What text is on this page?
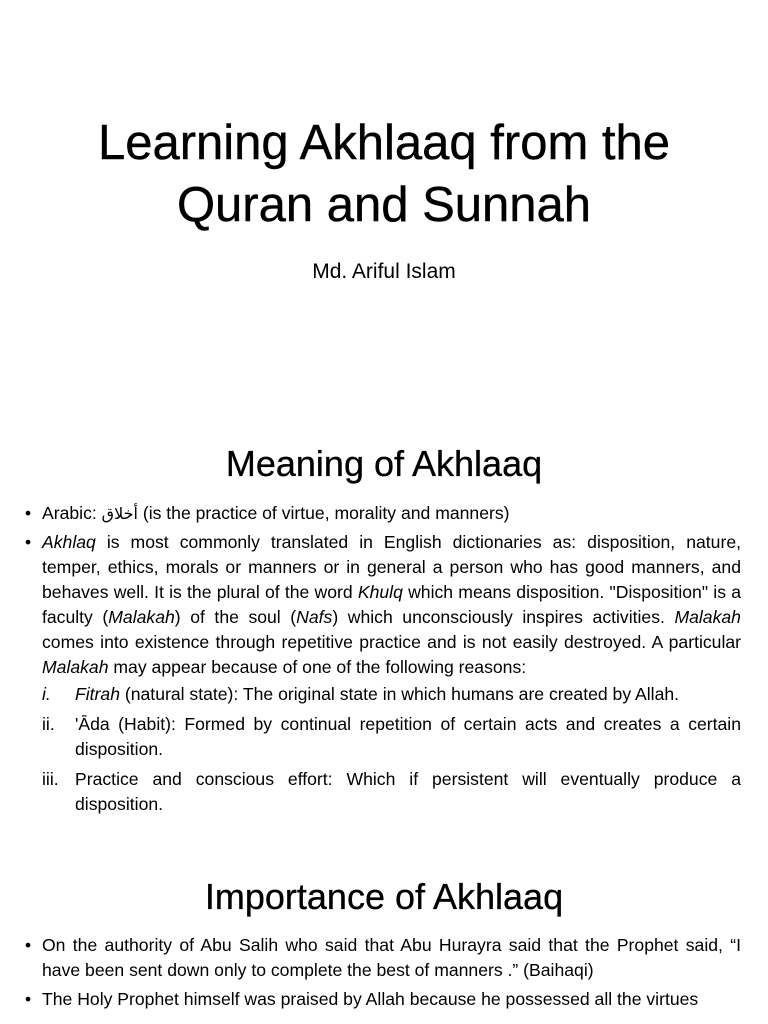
Learning Akhlaaq from the
Quran and Sunnah

Md. Ariful Islam

Meaning of Akhlaaq
• Arabic: أخلاق (is the practice of virtue, morality and manners)
• Akhlaq is most commonly translated in English dictionaries as: disposition, nature, temper, ethics, morals or manners or in general a person who has good manners, and behaves well. It is the plural of the word Khulq which means disposition. "Disposition" is a faculty (Malakah) of the soul (Nafs) which unconsciously inspires activities. Malakah comes into existence through repetitive practice and is not easily destroyed. A particular Malakah may appear because of one of the following reasons:
i.	Fitrah (natural state): The original state in which humans are created by Allah.
ii.	'Āda (Habit): Formed by continual repetition of certain acts and creates a certain disposition.
iii. Practice and conscious effort: Which if persistent will eventually produce a disposition.
Importance of Akhlaaq
• On the authority of Abu Salih who said that Abu Hurayra said that the Prophet said, “I have been sent down only to complete the best of manners .” (Baihaqi)
• The Holy Prophet himself was praised by Allah because he possessed all the virtues
